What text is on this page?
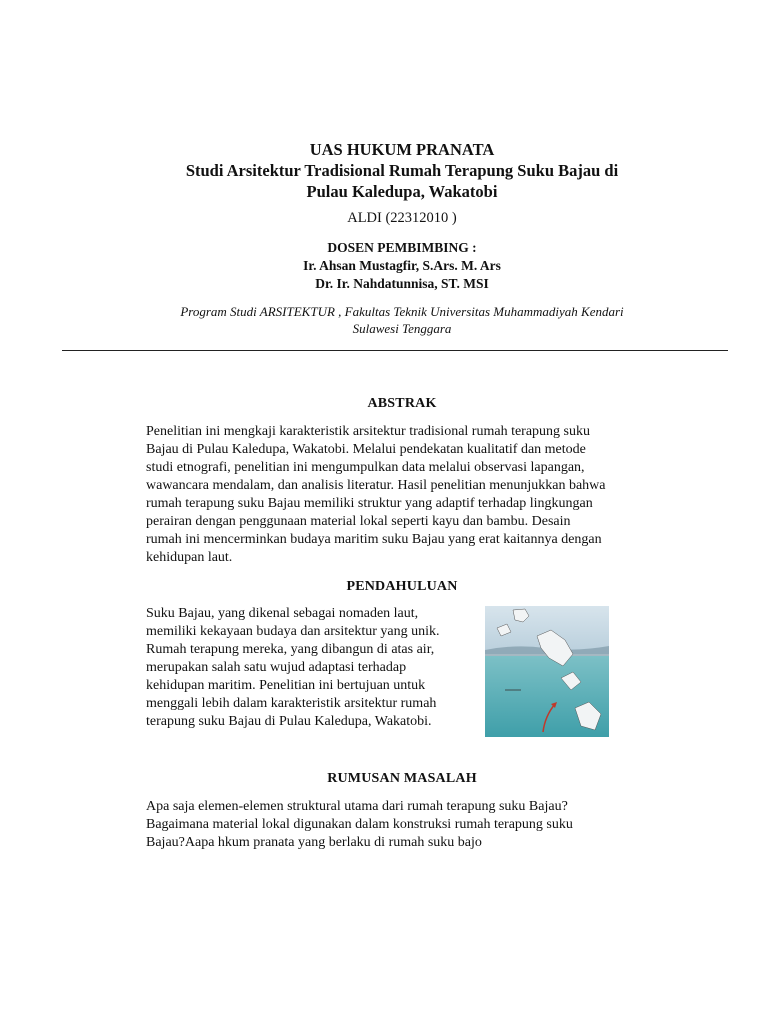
UAS HUKUM PRANATA
Studi Arsitektur Tradisional Rumah Terapung Suku Bajau di
Pulau Kaledupa, Wakatobi
ALDI (22312010 )
DOSEN PEMBIMBING :
Ir. Ahsan Mustagfir, S.Ars. M. Ars
Dr. Ir. Nahdatunnisa, ST. MSI
Program Studi ARSITEKTUR , Fakultas Teknik Universitas Muhammadiyah Kendari
Sulawesi Tenggara
ABSTRAK
Penelitian ini mengkaji karakteristik arsitektur tradisional rumah terapung suku
Bajau di Pulau Kaledupa, Wakatobi. Melalui pendekatan kualitatif dan metode
studi etnografi, penelitian ini mengumpulkan data melalui observasi lapangan,
wawancara mendalam, dan analisis literatur. Hasil penelitian menunjukkan bahwa
rumah terapung suku Bajau memiliki struktur yang adaptif terhadap lingkungan
perairan dengan penggunaan material lokal seperti kayu dan bambu. Desain
rumah ini mencerminkan budaya maritim suku Bajau yang erat kaitannya dengan
kehidupan laut.
PENDAHULUAN
Suku Bajau, yang dikenal sebagai nomaden laut,
memiliki kekayaan budaya dan arsitektur yang unik.
Rumah terapung mereka, yang dibangun di atas air,
merupakan salah satu wujud adaptasi terhadap
kehidupan maritim. Penelitian ini bertujuan untuk
menggali lebih dalam karakteristik arsitektur rumah
terapung suku Bajau di Pulau Kaledupa, Wakatobi.
RUMUSAN MASALAH
Apa saja elemen-elemen struktural utama dari rumah terapung suku Bajau?
Bagaimana material lokal digunakan dalam konstruksi rumah terapung suku
Bajau?Aapa hkum pranata yang berlaku di rumah suku bajo
